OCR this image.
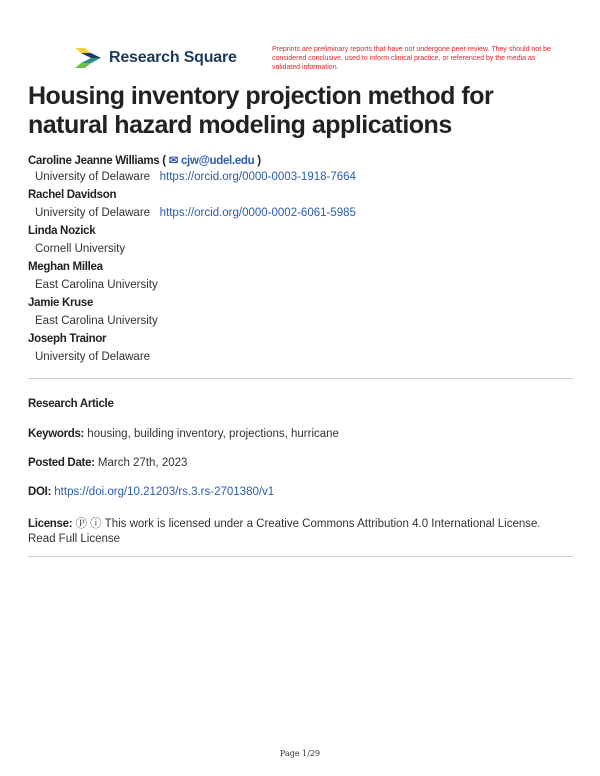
Research Square	Preprints are preliminary reports that have not undergone peer review. They should not be considered conclusive, used to inform clinical practice, or referenced by the media as validated information.
Housing inventory projection method for natural hazard modeling applications
Caroline Jeanne Williams ( ✉ cjw@udel.edu )
University of Delaware https://orcid.org/0000-0003-1918-7664
Rachel Davidson
University of Delaware https://orcid.org/0000-0002-6061-5985
Linda Nozick
Cornell University
Meghan Millea
East Carolina University
Jamie Kruse
East Carolina University
Joseph Trainor
University of Delaware
Research Article
Keywords: housing, building inventory, projections, hurricane
Posted Date: March 27th, 2023
DOI: https://doi.org/10.21203/rs.3.rs-2701380/v1
License: Ⓟ ⓘ This work is licensed under a Creative Commons Attribution 4.0 International License.
Read Full License
Page 1/29
